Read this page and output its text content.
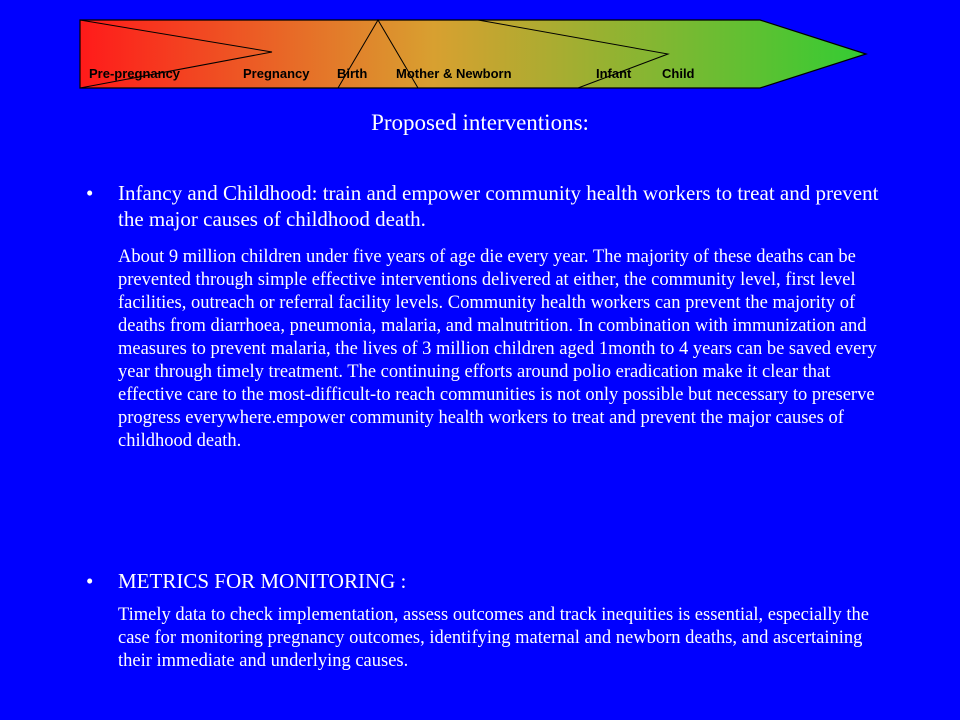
Pre-pregnancy	Pregnancy Birth Mother & Newborn	Infant Child
Proposed interventions:
•	Infancy and Childhood: train and empower community health workers to treat and prevent the major causes of childhood death.
About 9 million children under five years of age die every year. The majority of these deaths can be prevented through simple effective interventions delivered at either, the community level, first level facilities, outreach or referral facility levels. Community health workers can prevent the majority of deaths from diarrhoea, pneumonia, malaria, and malnutrition. In combination with immunization and measures to prevent malaria, the lives of 3 million children aged 1month to 4 years can be saved every year through timely treatment. The continuing efforts around polio eradication make it clear that effective care to the most-difficult-to reach communities is not only possible but necessary to preserve progress everywhere.empower community health workers to treat and prevent the major causes of childhood death.
•	METRICS FOR MONITORING :
Timely data to check implementation, assess outcomes and track inequities is essential, especially the case for monitoring pregnancy outcomes, identifying maternal and newborn deaths, and ascertaining their immediate and underlying causes.
